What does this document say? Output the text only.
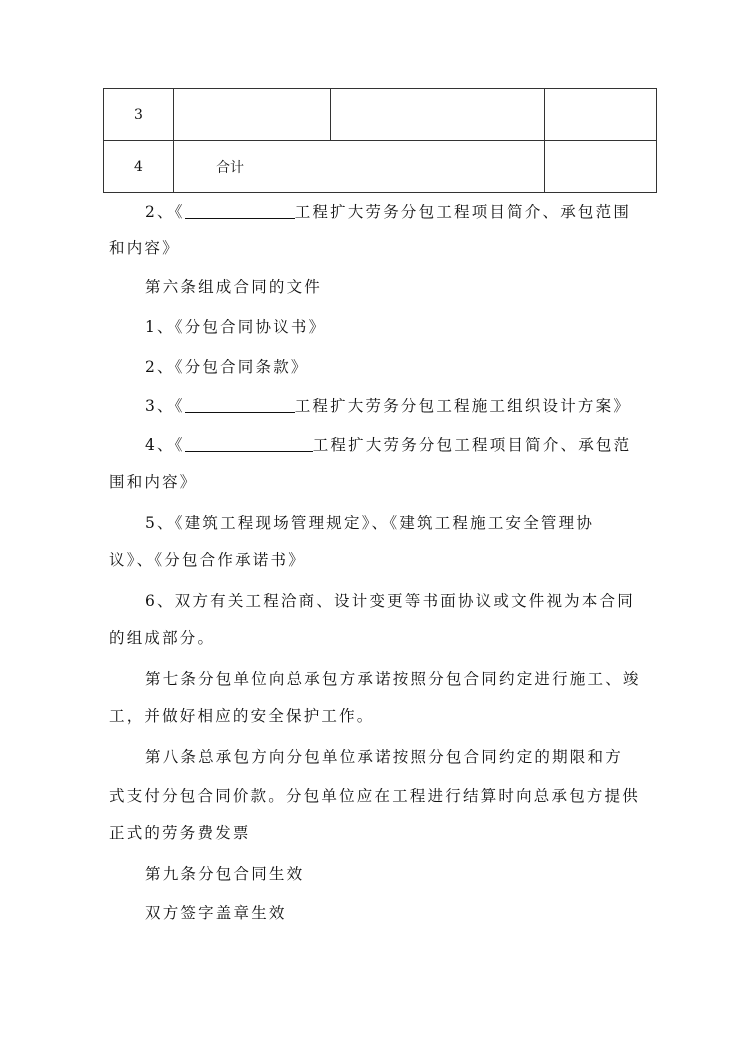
3			
4	合计		
2、《	工程扩大劳务分包工程项目简介、承包范围
和内容》
第六条组成合同的文件
1、《分包合同协议书》
2、《分包合同条款》
3、《	工程扩大劳务分包工程施工组织设计方案》
4、《	工程扩大劳务分包工程项目简介、承包范
围和内容》
5、《建筑工程现场管理规定》、《建筑工程施工安全管理协
议》、《分包合作承诺书》
6、双方有关工程洽商、设计变更等书面协议或文件视为本合同
的组成部分。
第七条分包单位向总承包方承诺按照分包合同约定进行施工、竣
工，并做好相应的安全保护工作。
第八条总承包方向分包单位承诺按照分包合同约定的期限和方
式支付分包合同价款。分包单位应在工程进行结算时向总承包方提供
正式的劳务费发票
第九条分包合同生效
双方签字盖章生效
